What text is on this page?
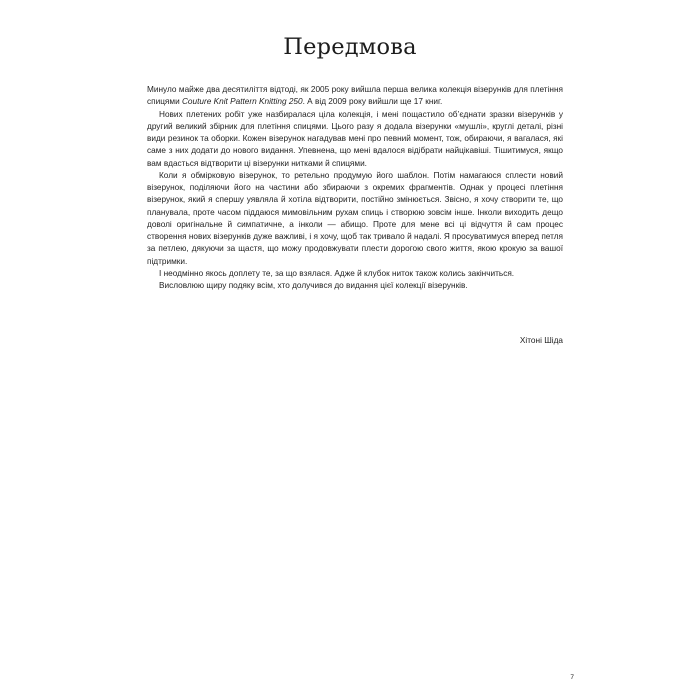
Передмова

Минуло майже два десятиліття відтоді, як 2005 року вийшла перша велика колекція візерунків для плетіння спицями Couture Knit Pattern Knitting 250. А від 2009 року вийшли ще 17 книг.

Нових плетених робіт уже назбиралася ціла колекція, і мені пощастило об’єднати зразки візерунків у другий великий збірник для плетіння спицями. Цього разу я додала візерунки «мушлі», круглі деталі, різні види резинок та оборки. Кожен візерунок нагадував мені про певний момент, тож, обираючи, я вагалася, які саме з них додати до нового видання. Упевнена, що мені вдалося відібрати найцікавіші. Тішитимуся, якщо вам вдасться відтворити ці візерунки нитками й спицями.

Коли я обмірковую візерунок, то ретельно продумую його шаблон. Потім намагаюся сплести новий візерунок, поділяючи його на частини або збираючи з окремих фрагментів. Однак у процесі плетіння візерунок, який я спершу уявляла й хотіла відтворити, постійно змінюється. Звісно, я хочу створити те, що планувала, проте часом піддаюся мимовільним рухам спиць і створюю зовсім інше. Інколи виходить дещо доволі оригінальне й симпатичне, а інколи — абищо. Проте для мене всі ці відчуття й сам процес створення нових візерунків дуже важливі, і я хочу, щоб так тривало й надалі. Я просуватимуся вперед петля за петлею, дякуючи за щастя, що можу продовжувати плести дорогою свого життя, якою крокую за вашої підтримки.

І неодмінно якось доплету те, за що взялася. Адже й клубок ниток також колись закінчиться.

Висловлюю щиру подяку всім, хто долучився до видання цієї колекції візерунків.

Хітоні Шіда
7
